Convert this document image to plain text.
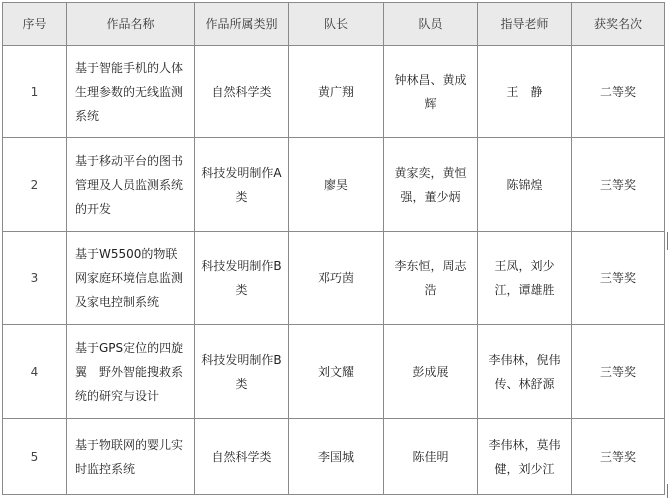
序号	作品名称	作品所属类别	队长	队员	指导老师	获奖名次
1	基于智能手机的人体生理参数的无线监测系统	自然科学类	黄广翔	钟林昌、黄成辉	王　静	二等奖
2	基于移动平台的图书管理及人员监测系统的开发	科技发明制作A类	廖昊	黄家奕，黄恒强，董少炳	陈锦煌	三等奖
3	基于W5500的物联网家庭环境信息监测及家电控制系统	科技发明制作B类	邓巧茵	李东恒，周志浩	王凤，刘少江，谭雄胜	三等奖
4	基于GPS定位的四旋翼　野外智能搜救系统的研究与设计	科技发明制作B类	刘文耀	彭成展	李伟林，倪伟传、林舒源	三等奖
5	基于物联网的婴儿实时监控系统	自然科学类	李国城	陈佳明	李伟林，莫伟健，刘少江	三等奖
